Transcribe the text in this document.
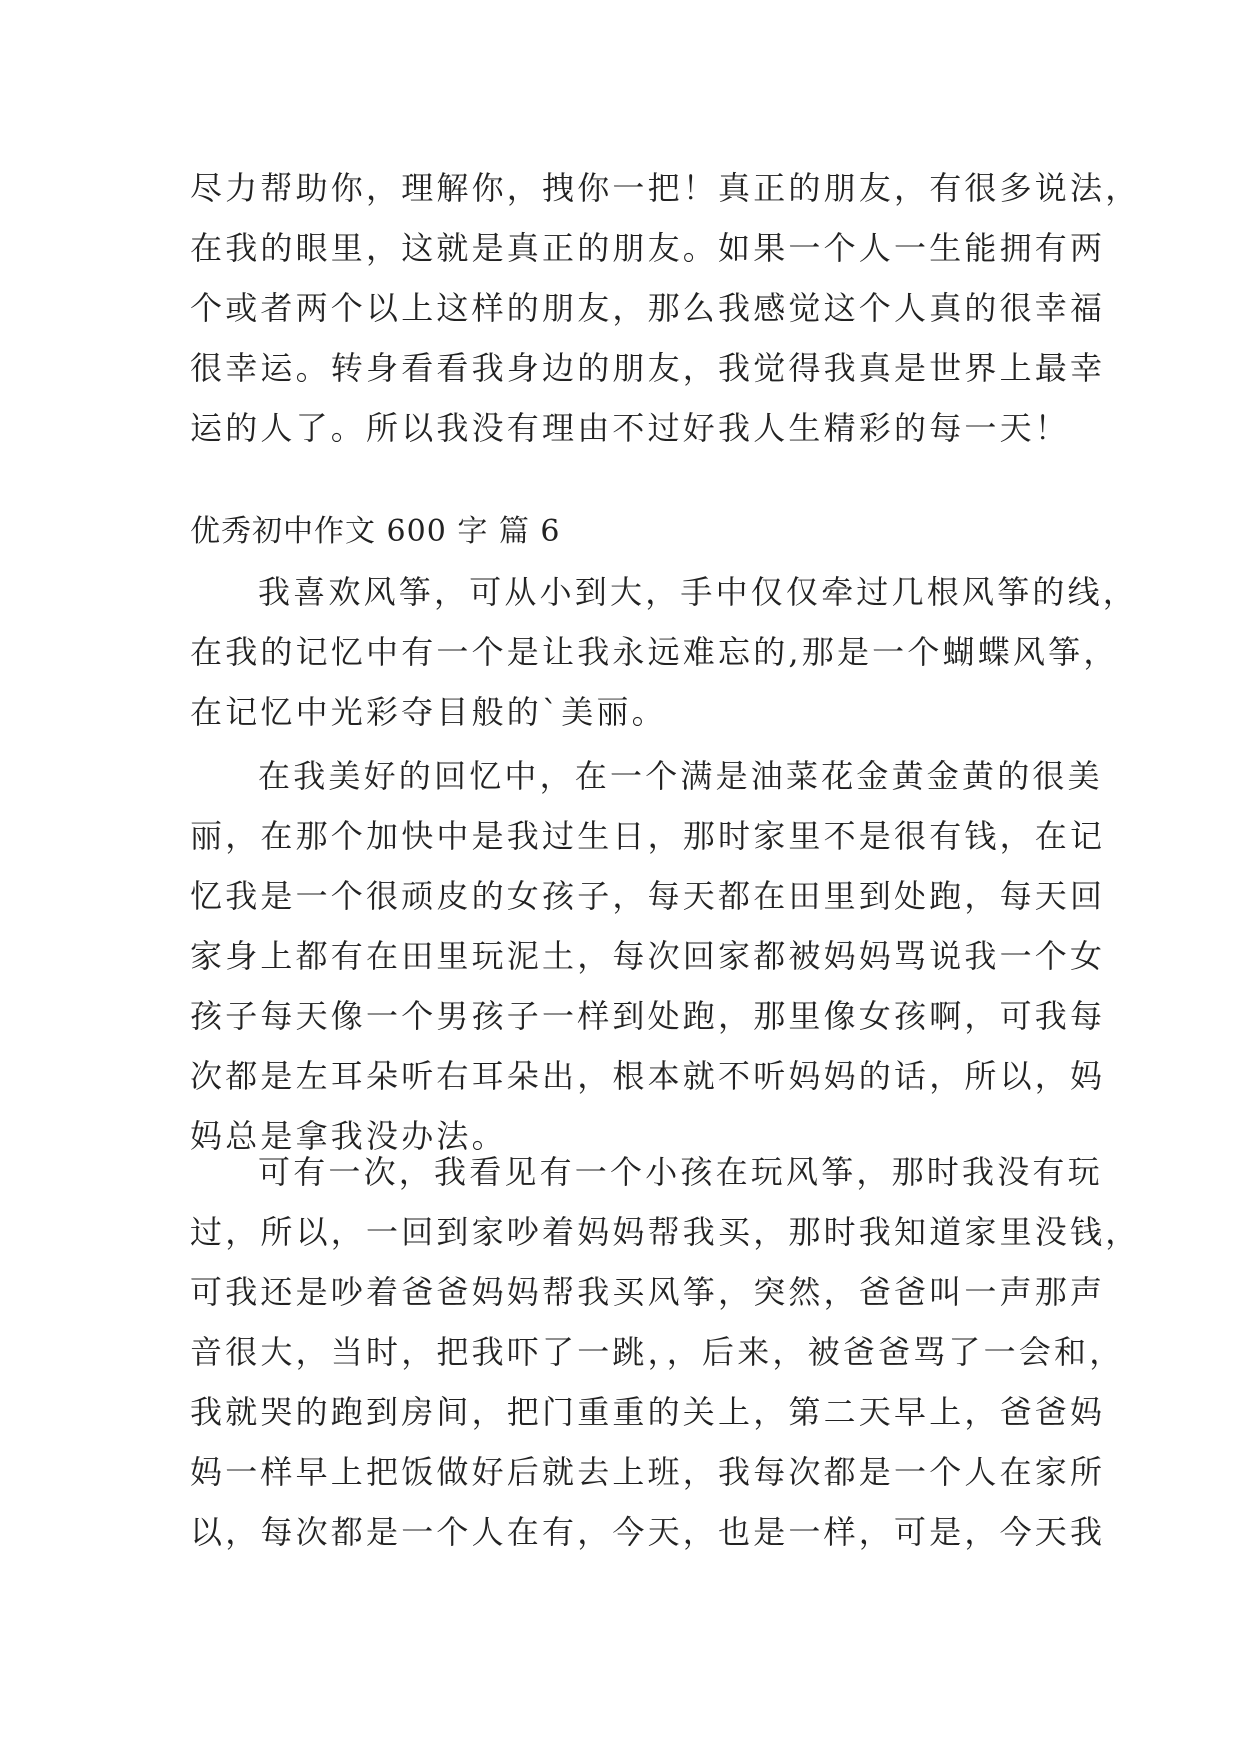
尽力帮助你，理解你，拽你一把！真正的朋友，有很多说法，
在我的眼里，这就是真正的朋友。如果一个人一生能拥有两
个或者两个以上这样的朋友，那么我感觉这个人真的很幸福
很幸运。转身看看我身边的朋友，我觉得我真是世界上最幸
运的人了。所以我没有理由不过好我人生精彩的每一天！
优秀初中作文 600 字 篇 6
我喜欢风筝，可从小到大，手中仅仅牵过几根风筝的线，
在我的记忆中有一个是让我永远难忘的,那是一个蝴蝶风筝，
在记忆中光彩夺目般的`美丽。
在我美好的回忆中，在一个满是油菜花金黄金黄的很美
丽，在那个加快中是我过生日，那时家里不是很有钱，在记
忆我是一个很顽皮的女孩子，每天都在田里到处跑，每天回
家身上都有在田里玩泥土，每次回家都被妈妈骂说我一个女
孩子每天像一个男孩子一样到处跑，那里像女孩啊，可我每
次都是左耳朵听右耳朵出，根本就不听妈妈的话，所以，妈
妈总是拿我没办法。
可有一次，我看见有一个小孩在玩风筝，那时我没有玩
过，所以，一回到家吵着妈妈帮我买，那时我知道家里没钱，
可我还是吵着爸爸妈妈帮我买风筝，突然，爸爸叫一声那声
音很大，当时，把我吓了一跳，，后来，被爸爸骂了一会和，
我就哭的跑到房间，把门重重的关上，第二天早上，爸爸妈
妈一样早上把饭做好后就去上班，我每次都是一个人在家所
以，每次都是一个人在有，今天，也是一样，可是，今天我
